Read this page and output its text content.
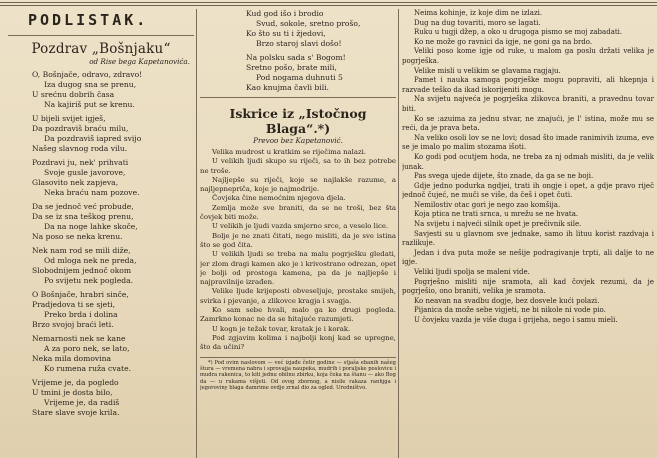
PODLISTAK.
Pozdrav „Bošnjaku“
od Rise bega Kapetanovića.
O, Bošnjače, odravo, zdravo!
Iza dugog sna se prenu,
U srećnu dobrih časa
Na kajiriš put se krenu.
U bijeli svijet igješ,
Da pozdraviš braću milu,
Da pozdraviš iapred svijo
Našeg slavnog roda vilu.
Pozdravi ju, nek' prihvati
Svoje gusle javorove,
Glasovito nek zapjeva,
Neka braću nam pozove.
Da se jednoč već probude,
Da se iz sna teškog prenu,
Da na noge lahke skoče,
Na poso se neka krenu.
Nek nam rod se mili diže,
Od mloga nek ne preda,
Slobodnijem jednoč okom
Po svijetu nek pogleda.
O Bošnjače, hrabri sinče,
Pradjedova ti se sjeti,
Preko brda i dolina
Brzo svojoj braći leti.
Nemarnosti nek se kane
A za poro nek, se lato,
Neka mila domovina
Ko rumena ruža cvate.
Vrijeme je, da pogledo
U tmini je dosta bilo,
Vrijeme je, da radiš
Stare slave svoje krila.
Kud god išo i brodio
Svud, sokole, sretno prošo,
Ko što su ti i žjedovi,
Brzo staroj slavi došo!
Na polsku sada s' Bogom!
Sretno pošo, brate mili,
Pod nogama duhnuti 5
Kao knujma čavli bili.
Iskrice iz „Istočnog Blaga“.*)
Prevoo bez Kapetanović.

Velika mudrost u kratkim se riječima nalazi.

U velikih ljudi skupo su riječi, sa to ih bez potrebe ne troše.

Najljepše su riječi, koje se najlakše razume, a najljepnepriča, koje je najmodrije.

Čovjeka čine nemoćnim njegova djela.

Zemlja može sve braniti, da se ne troši, bez šta čovjek biti može.

U velikih je ljudi vazda smjerno srce, a veselo lice.

Bolje je ne znati čitati, nego misliti, da je sve istina što se god čita.

U velikih ljudi se treba na malu pogrješku gledati, jer zlom dragi kamen ako je i krivostrano odrezan, opet je bolji od prostoga kamena, pa da je najljepše i najpravilnije izrađen.

Velike ljude krijeposti obveseljuje, prostake smijeh, svirka i pjevanje, a zlikovce kragja i svagja.

Ko sam sebe hvali, malo ga ko drugi pogleda. Zamrkno konac ne da se hitajuće razumjeti.

U kogn je težak tovar, kratak je i korak.

Pod zgjavim kolima i najbolji konj kad se upregne, što da učini?

*) Pod ovim naslovom — već izjađe četir godine — stjaša ebanih našeg štura — vremena nabra i sprovajja naupeka, mudrih i poraljske poslovice i mudra rakenica, to kiti jednu obilnu zbirku, koja čeka na štanu — ako Bog da — u rukama višjeti. Od ovog zbornog, a nisile rakaza ranhjga i jegoroviny blaga damrime ovdje zrnal dio za ogled. Uredništvo.

Neima kohinje, iz koje dim ne izlazi.

Dug na dug tovariti, moro se lagati.

Ruku u tugji džep, a oko u drugoga pismo se moj zabadati.

Ko ne može go ravnici da igje, ne goni ga na brdo.

Veliki poso kome igje od ruke, u malom ga poslu držati velika je pogrješka.

Velike misli u velikim se glavama ragjaju.

Pamet i nauka samoga pogrješke mogu popraviti, ali hkepnja i razvade teško da ikad iskorijeniti mogu.

Na svijetu najveća je pogrješka zlikovca braniti, a pravednu tovar biti.

Ko se :azuima za jednu stvar, ne znajući, je l' istina, može mu se reći, da je prava beta.

Na veliko osoli lov se ne lovi; dosad što imade ranimivih izuma, eve se je imalo po malim stozama išoti.

Ko godi pod ocutjem hoda, ne treba za nj odmah misliti, da je velik junak.

Pas svega ujede dijete, što znade, da ga se ne boji.

Gdje jedno podurka ngdjei, trati ih ongje i opet, a gdje pravo riječ jednoč čujeć, ne muči se više, da češ i opet čuti.

Nemilostiv otac gori je nego zao komšija.

Koja ptica ne trati srnca, u mrežu se ne hvata.

Na svijetu i najveći silnik opet je prečivnik sile.

Savjesti su u glavnom sve jednake, samo ih lituu korist razdvaja i razlikuje.

Jedan i dva puta može se nešije podragivanje trpti, ali dalje to ne igje.

Veliki ljudi spolja se maleni vide.

Pogrješno misliti nije sramota, ali kad čovjek rezumi, da je pogrješio, ono braniti, velika je sramota.

Ko neavan na svadbu dogje, bez dosvele kući polazi.

Pijanica da može sebe vigjeti, ne bi nikole ni vode pio.

U čovjeku vazda je više duga i grijeha, nego i samu mieli.
